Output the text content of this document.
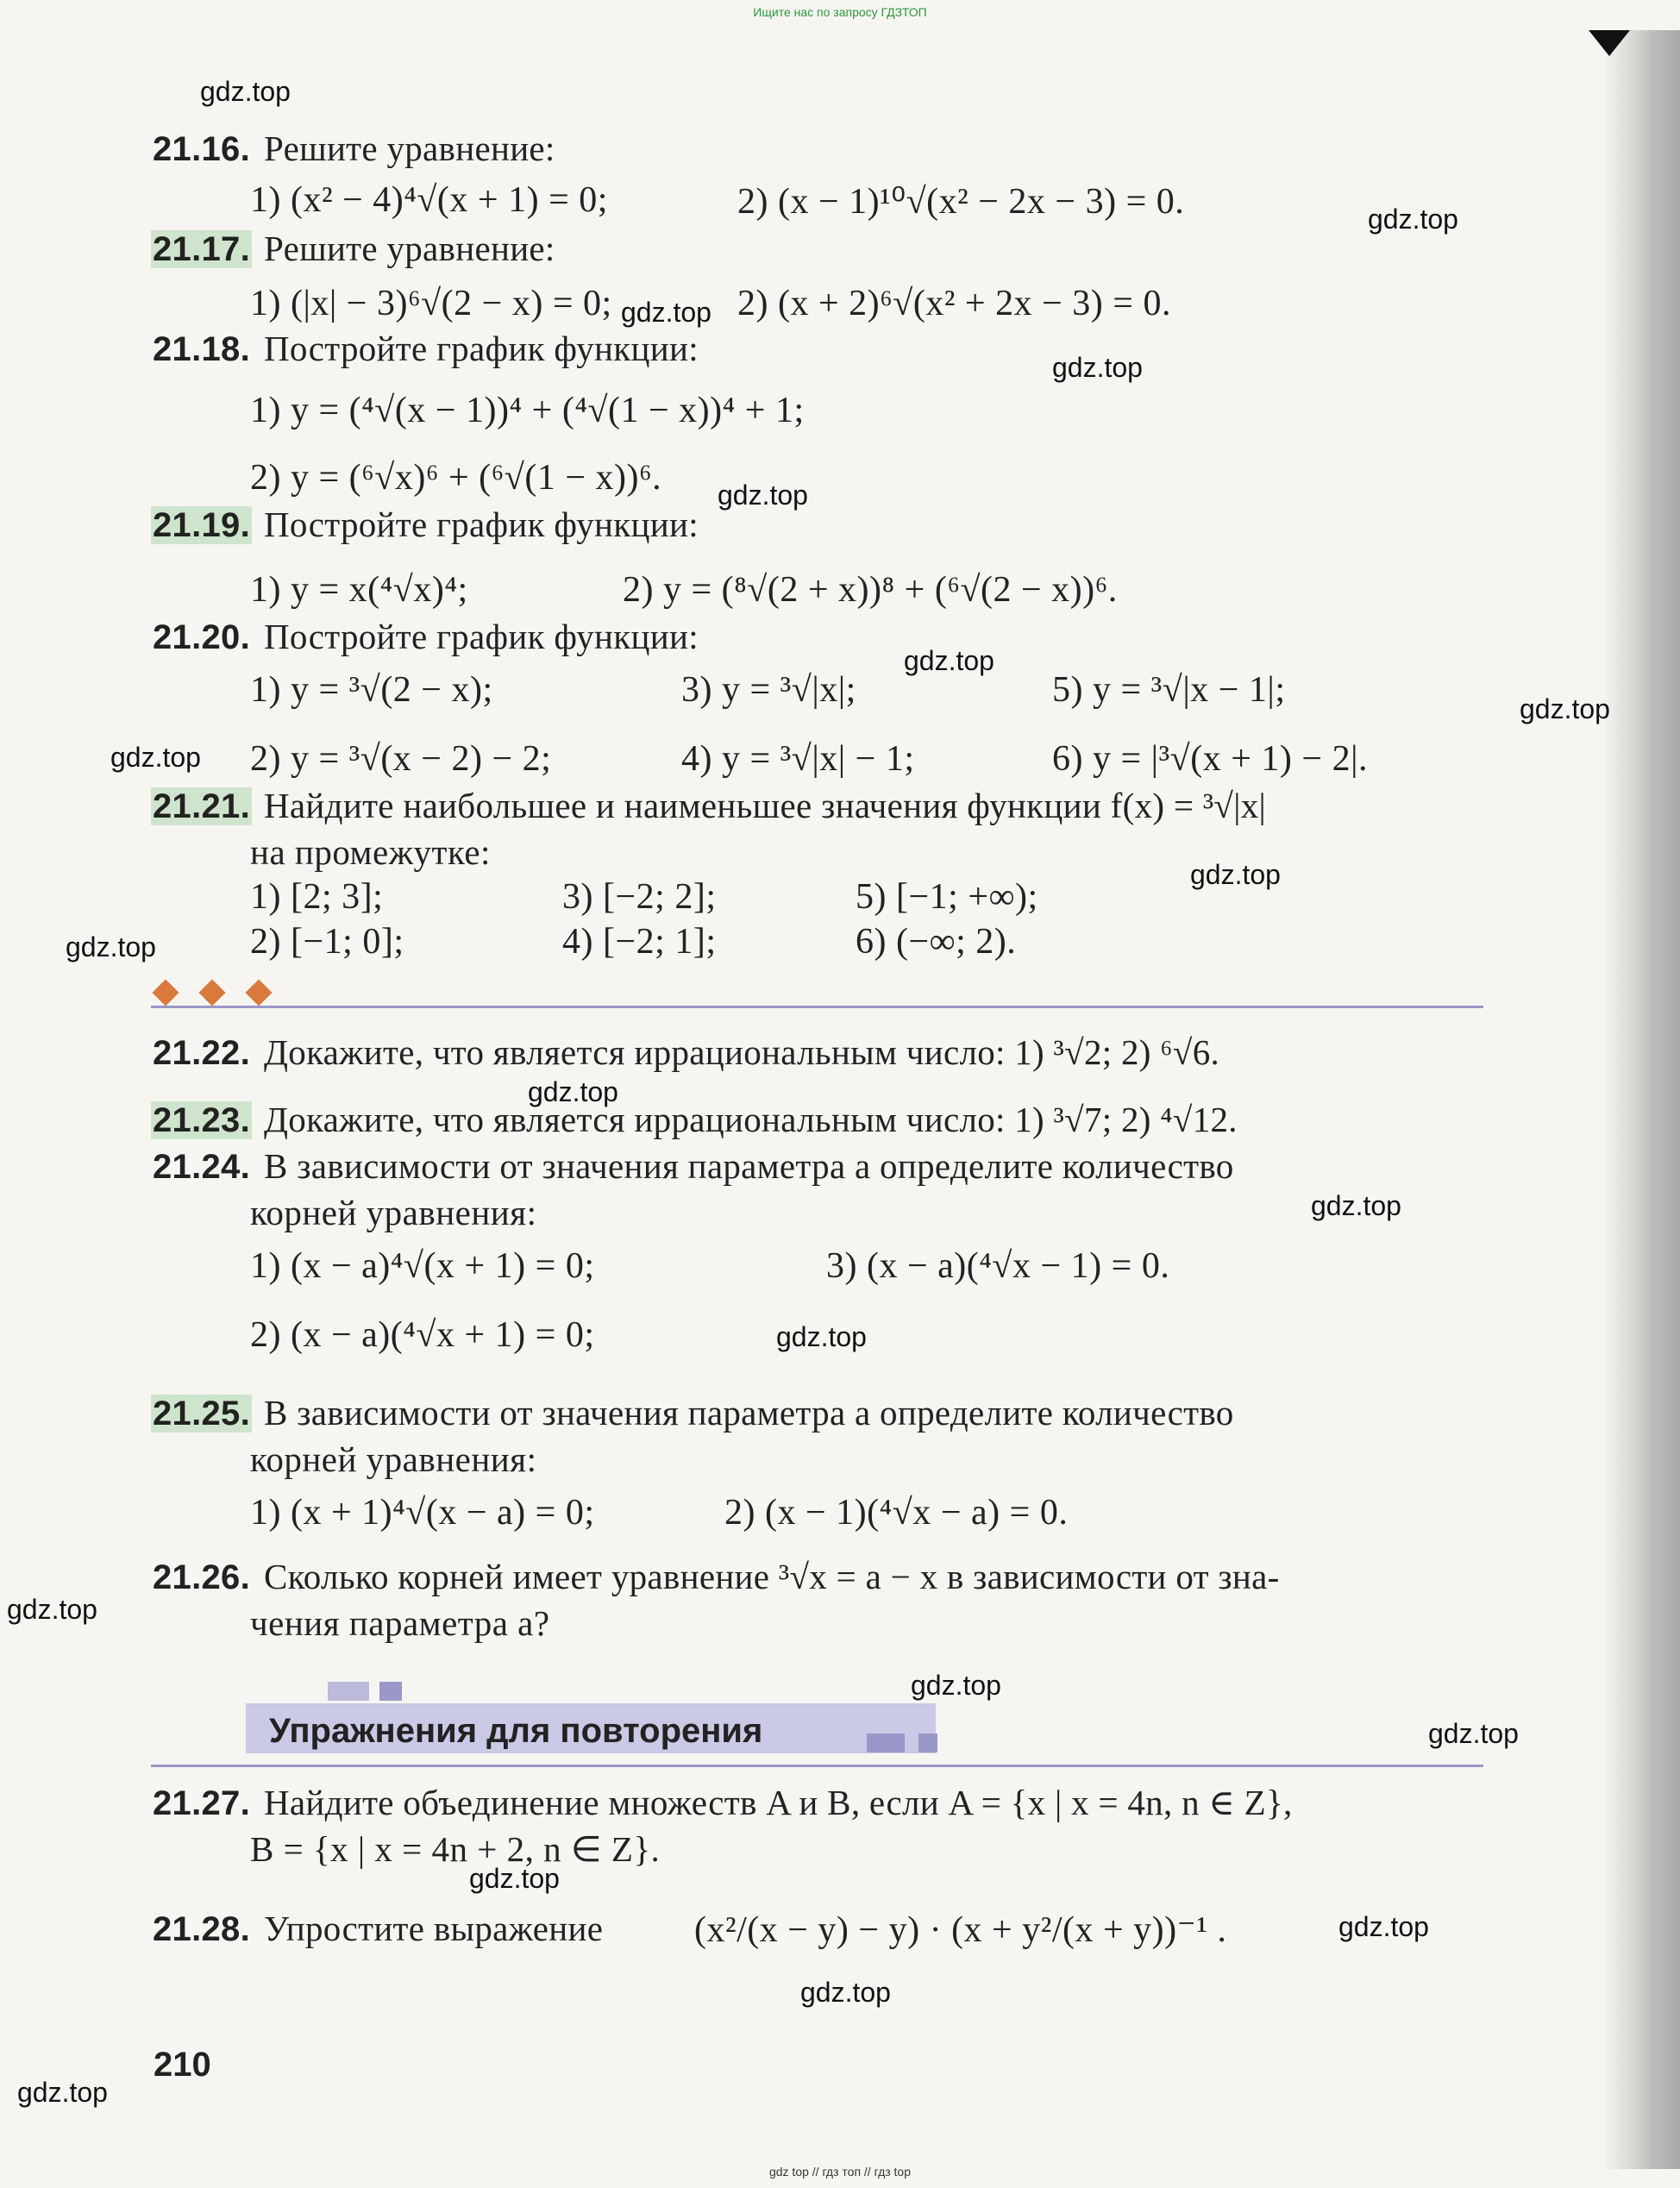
Ищите нас по запросу ГДЗТОП
gdz.top
gdz.top
gdz.top
gdz.top
gdz.top
gdz.top
gdz.top
gdz.top
gdz.top
gdz.top
gdz.top
gdz.top
gdz.top
gdz.top
gdz.top
gdz.top
gdz.top
gdz.top
gdz.top
gdz.top
21.16. Решите уравнение:
1) (x² − 4)⁴√(x + 1) = 0;	2) (x − 1)¹⁰√(x² − 2x − 3) = 0.
21.17. Решите уравнение:
1) (|x| − 3)⁶√(2 − x) = 0;	2) (x + 2)⁶√(x² + 2x − 3) = 0.
21.18. Постройте график функции:
1) y = (⁴√(x − 1))⁴ + (⁴√(1 − x))⁴ + 1;
2) y = (⁶√x)⁶ + (⁶√(1 − x))⁶.
21.19. Постройте график функции:
1) y = x(⁴√x)⁴;	2) y = (⁸√(2 + x))⁸ + (⁶√(2 − x))⁶.
21.20. Постройте график функции:
1) y = ³√(2 − x);	3) y = ³√|x|;	5) y = ³√|x − 1|;
2) y = ³√(x − 2) − 2;	4) y = ³√|x| − 1;	6) y = |³√(x + 1) − 2|.
21.21. Найдите наибольшее и наименьшее значения функции f(x) = ³√|x|
на промежутке:
1) [2; 3];	3) [−2; 2];	5) [−1; +∞);
2) [−1; 0];	4) [−2; 1];	6) (−∞; 2).
21.22. Докажите, что является иррациональным число: 1) ³√2; 2) ⁶√6.
21.23. Докажите, что является иррациональным число: 1) ³√7; 2) ⁴√12.
21.24. В зависимости от значения параметра a определите количество
корней уравнения:
1) (x − a)⁴√(x + 1) = 0;	3) (x − a)(⁴√x − 1) = 0.
2) (x − a)(⁴√x + 1) = 0;
21.25. В зависимости от значения параметра a определите количество
корней уравнения:
1) (x + 1)⁴√(x − a) = 0;	2) (x − 1)(⁴√x − a) = 0.
21.26. Сколько корней имеет уравнение ³√x = a − x в зависимости от зна-
чения параметра a?
Упражнения для повторения
21.27. Найдите объединение множеств A и B, если A = {x | x = 4n, n ∈ Z},
B = {x | x = 4n + 2, n ∈ Z}.
21.28. Упростите выражение	(x²/(x − y) − y) · (x + y²/(x + y))⁻¹ .
210
gdz top // гдз топ // гдз top
